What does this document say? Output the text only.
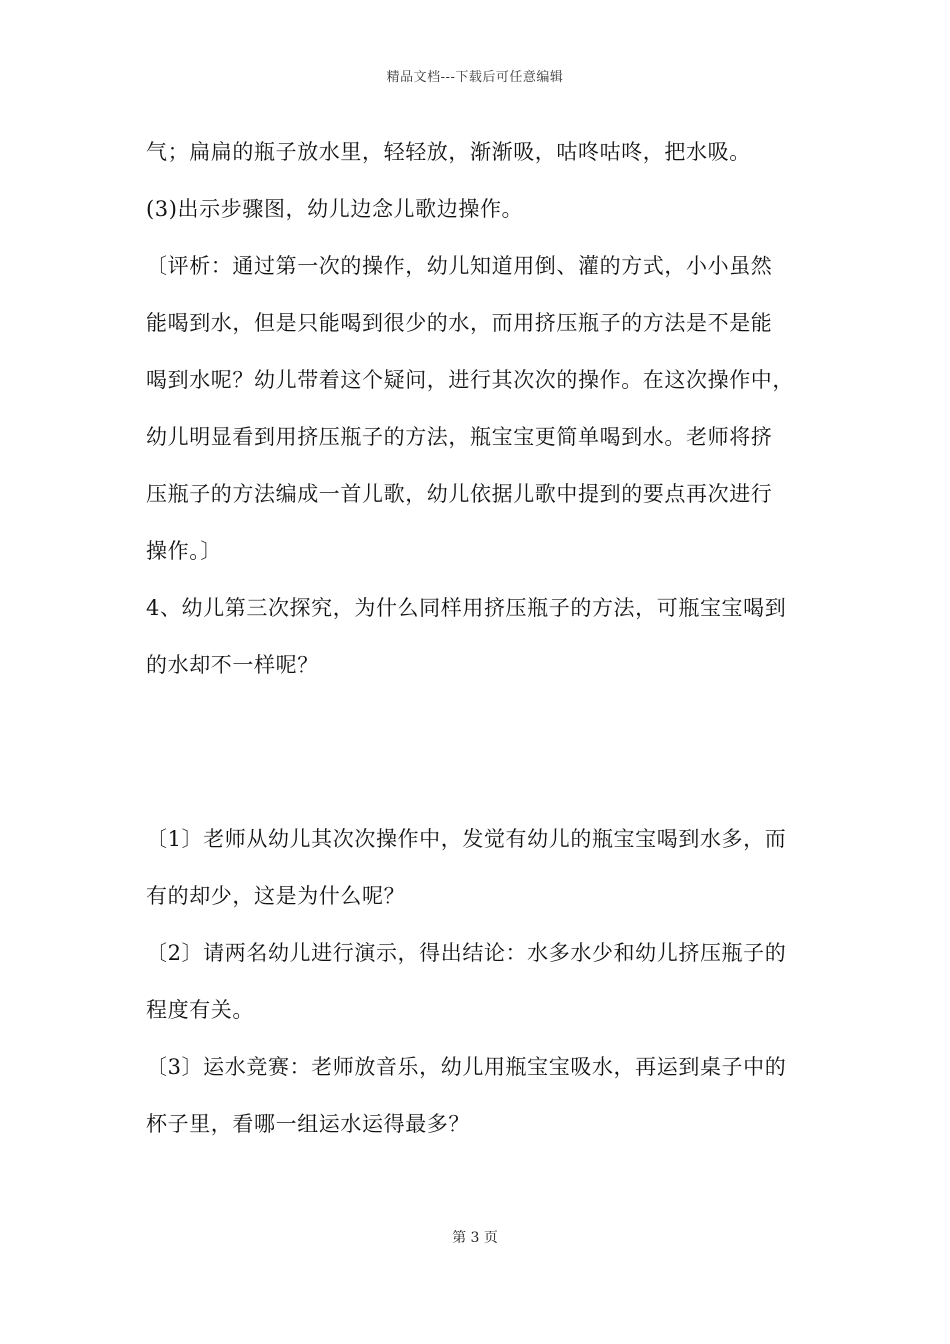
精品文档---下载后可任意编辑
气；扁扁的瓶子放水里，轻轻放，渐渐吸，咕咚咕咚，把水吸。
(3)出示步骤图，幼儿边念儿歌边操作。
〔评析：通过第一次的操作，幼儿知道用倒、灌的方式，小小虽然
能喝到水，但是只能喝到很少的水，而用挤压瓶子的方法是不是能
喝到水呢？幼儿带着这个疑问，进行其次次的操作。在这次操作中，
幼儿明显看到用挤压瓶子的方法，瓶宝宝更简单喝到水。老师将挤
压瓶子的方法编成一首儿歌，幼儿依据儿歌中提到的要点再次进行
操作。〕
4、幼儿第三次探究，为什么同样用挤压瓶子的方法，可瓶宝宝喝到
的水却不一样呢？
〔1〕老师从幼儿其次次操作中，发觉有幼儿的瓶宝宝喝到水多，而
有的却少，这是为什么呢？
〔2〕请两名幼儿进行演示，得出结论：水多水少和幼儿挤压瓶子的
程度有关。
〔3〕运水竞赛：老师放音乐，幼儿用瓶宝宝吸水，再运到桌子中的
杯子里，看哪一组运水运得最多？
第 3 页
